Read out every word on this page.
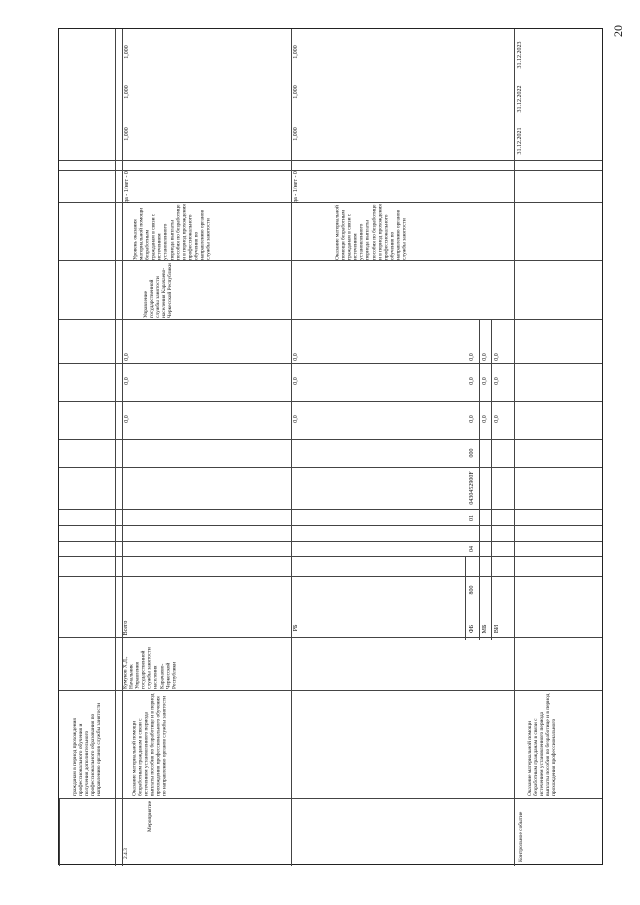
20
гражданам в период прохождения профессионального обучения и получения дополнительного профессионального образования по направлению органов службы занятости
2.4.3
Мероприятие
Оказание материальной помощи безработным гражданам в связи с истечением установленного периода выплаты пособия по безработице и в период прохождения профессионального обучения по направлению органов службы занятости
Кумуков Х.Д., Начальник Управления государственной службы занятости населения Карачаево-Черкесской Республики
Всего
0,0
0,0
0,0
РБ
0,0
0,0
0,0
ФБ
800
04
01
0430452900F
000
0,0
0,0
0,0
МБ
0,0
0,0
0,0
ВИ
0,0
0,0
0,0
Управление государственной службы занятости населения Карачаево-Черкесской Республики
Уровень оказания материальной помощи безработным гражданам в связи с истечением установленного периода выплаты пособия по безработице и в период прохождения профессионального обучения по направлению органов службы занятости	Оказание материальной помощи безработным гражданам в связи с истечением установленного периода выплаты пособия по безработице и в период прохождения профессионального обучения по направлению органов службы занятости
да - 1/нет - 0	да - 1/нет - 0
1,000
1,000
1,000
1,000
1,000
1,000
Контрольное событие
Оказание материальной помощи безработным гражданам в связи с истечением установленного периода выплаты пособия по безработице и в период прохождения профессионального
31.12.2021
31.12.2022
31.12.2023
